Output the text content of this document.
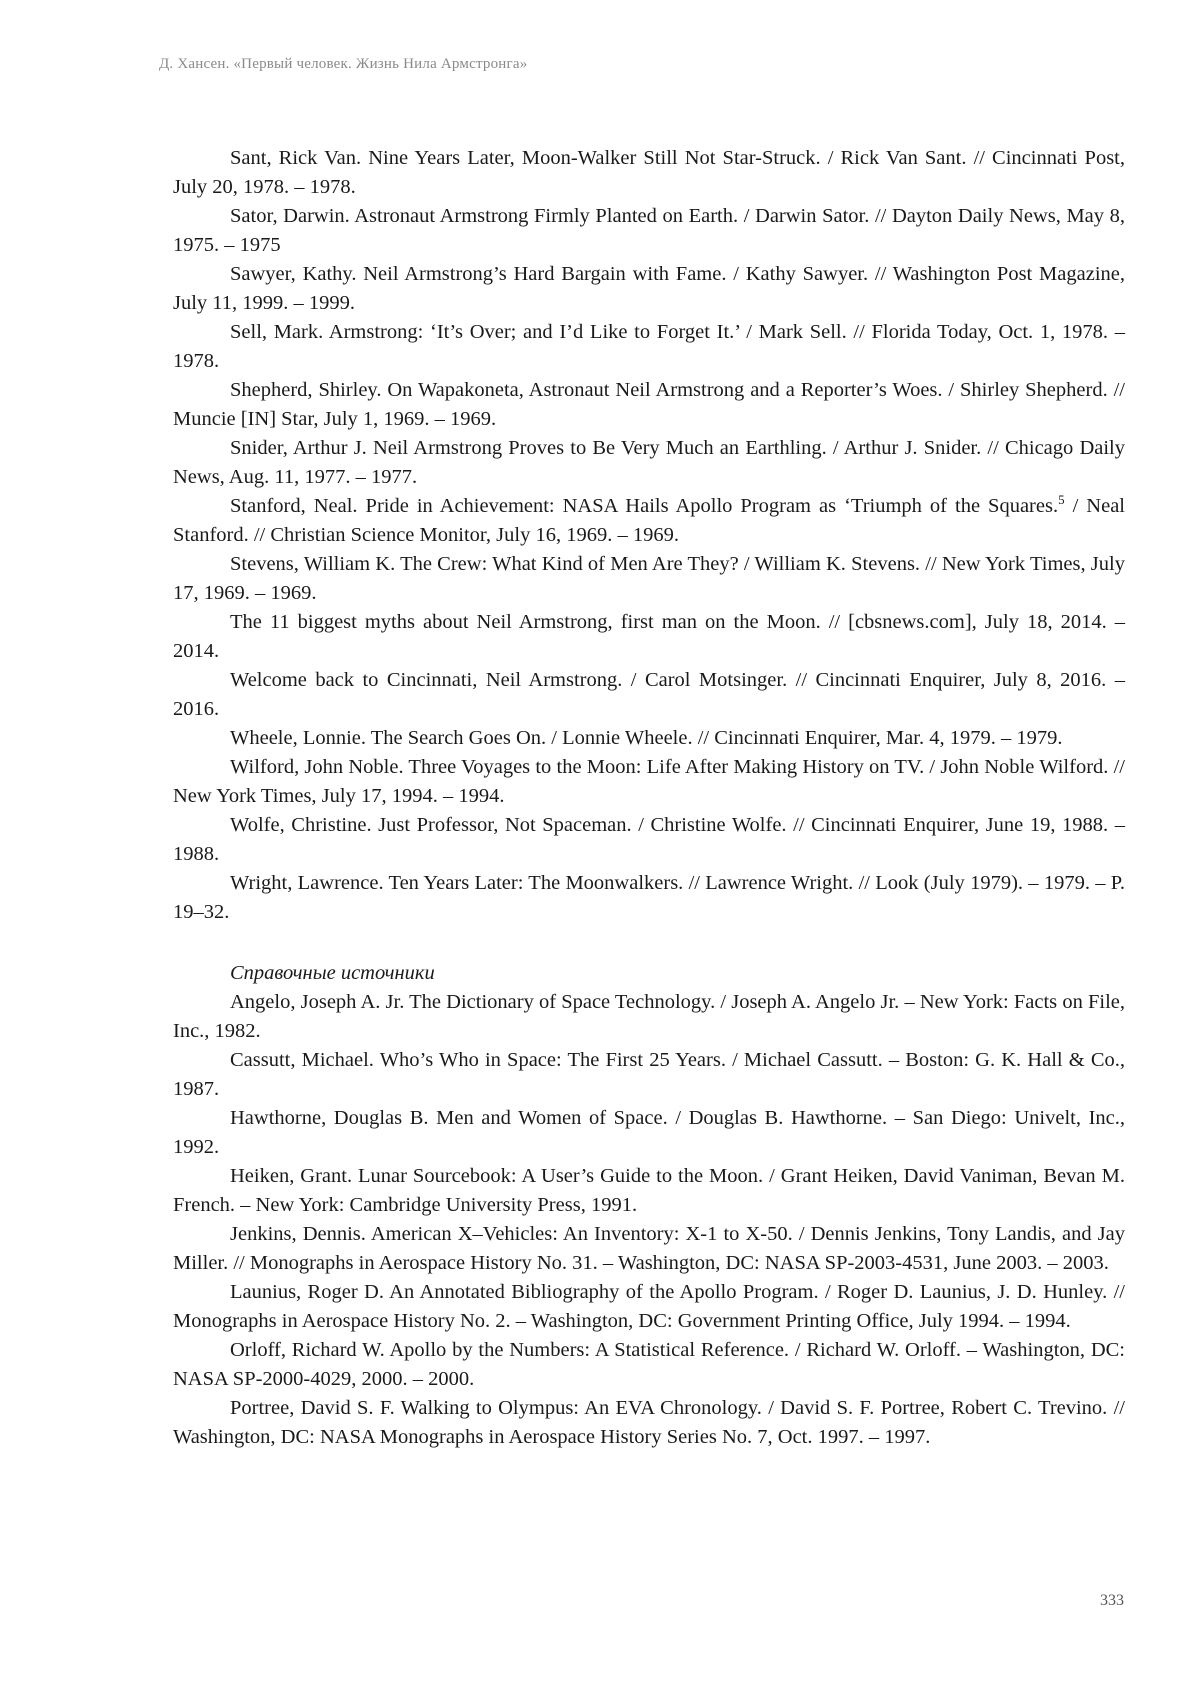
Д. Хансен. «Первый человек. Жизнь Нила Армстронга»

Sant, Rick Van. Nine Years Later, Moon-Walker Still Not Star-Struck. / Rick Van Sant. // Cincinnati Post, July 20, 1978. – 1978.

Sator, Darwin. Astronaut Armstrong Firmly Planted on Earth. / Darwin Sator. // Dayton Daily News, May 8, 1975. – 1975

Sawyer, Kathy. Neil Armstrong’s Hard Bargain with Fame. / Kathy Sawyer. // Washington Post Magazine, July 11, 1999. – 1999.

Sell, Mark. Armstrong: ‘It’s Over; and I’d Like to Forget It.’ / Mark Sell. // Florida Today, Oct. 1, 1978. – 1978.

Shepherd, Shirley. On Wapakoneta, Astronaut Neil Armstrong and a Reporter’s Woes. / Shirley Shepherd. // Muncie [IN] Star, July 1, 1969. – 1969.

Snider, Arthur J. Neil Armstrong Proves to Be Very Much an Earthling. / Arthur J. Snider. // Chicago Daily News, Aug. 11, 1977. – 1977.

Stanford, Neal. Pride in Achievement: NASA Hails Apollo Program as ‘Triumph of the Squares.$^5$ / Neal Stanford. // Christian Science Monitor, July 16, 1969. – 1969.

Stevens, William K. The Crew: What Kind of Men Are They? / William K. Stevens. // New York Times, July 17, 1969. – 1969.

The 11 biggest myths about Neil Armstrong, first man on the Moon. // [cbsnews.com], July 18, 2014. – 2014.

Welcome back to Cincinnati, Neil Armstrong. / Carol Motsinger. // Cincinnati Enquirer, July 8, 2016. – 2016.

Wheele, Lonnie. The Search Goes On. / Lonnie Wheele. // Cincinnati Enquirer, Mar. 4, 1979. – 1979.

Wilford, John Noble. Three Voyages to the Moon: Life After Making History on TV. / John Noble Wilford. // New York Times, July 17, 1994. – 1994.

Wolfe, Christine. Just Professor, Not Spaceman. / Christine Wolfe. // Cincinnati Enquirer, June 19, 1988. – 1988.

Wright, Lawrence. Ten Years Later: The Moonwalkers. // Lawrence Wright. // Look (July 1979). – 1979. – P. 19–32.

Справочные источники

Angelo, Joseph A. Jr. The Dictionary of Space Technology. / Joseph A. Angelo Jr. – New York: Facts on File, Inc., 1982.

Cassutt, Michael. Who’s Who in Space: The First 25 Years. / Michael Cassutt. – Boston: G. K. Hall & Co., 1987.

Hawthorne, Douglas B. Men and Women of Space. / Douglas B. Hawthorne. – San Diego: Univelt, Inc., 1992.

Heiken, Grant. Lunar Sourcebook: A User’s Guide to the Moon. / Grant Heiken, David Vaniman, Bevan M. French. – New York: Cambridge University Press, 1991.

Jenkins, Dennis. American X–Vehicles: An Inventory: X-1 to X-50. / Dennis Jenkins, Tony Landis, and Jay Miller. // Monographs in Aerospace History No. 31. – Washington, DC: NASA SP-2003-4531, June 2003. – 2003.

Launius, Roger D. An Annotated Bibliography of the Apollo Program. / Roger D. Launius, J. D. Hunley. // Monographs in Aerospace History No. 2. – Washington, DC: Government Printing Office, July 1994. – 1994.

Orloff, Richard W. Apollo by the Numbers: A Statistical Reference. / Richard W. Orloff. – Washington, DC: NASA SP-2000-4029, 2000. – 2000.

Portree, David S. F. Walking to Olympus: An EVA Chronology. / David S. F. Portree, Robert C. Trevino. // Washington, DC: NASA Monographs in Aerospace History Series No. 7, Oct. 1997. – 1997.

333
